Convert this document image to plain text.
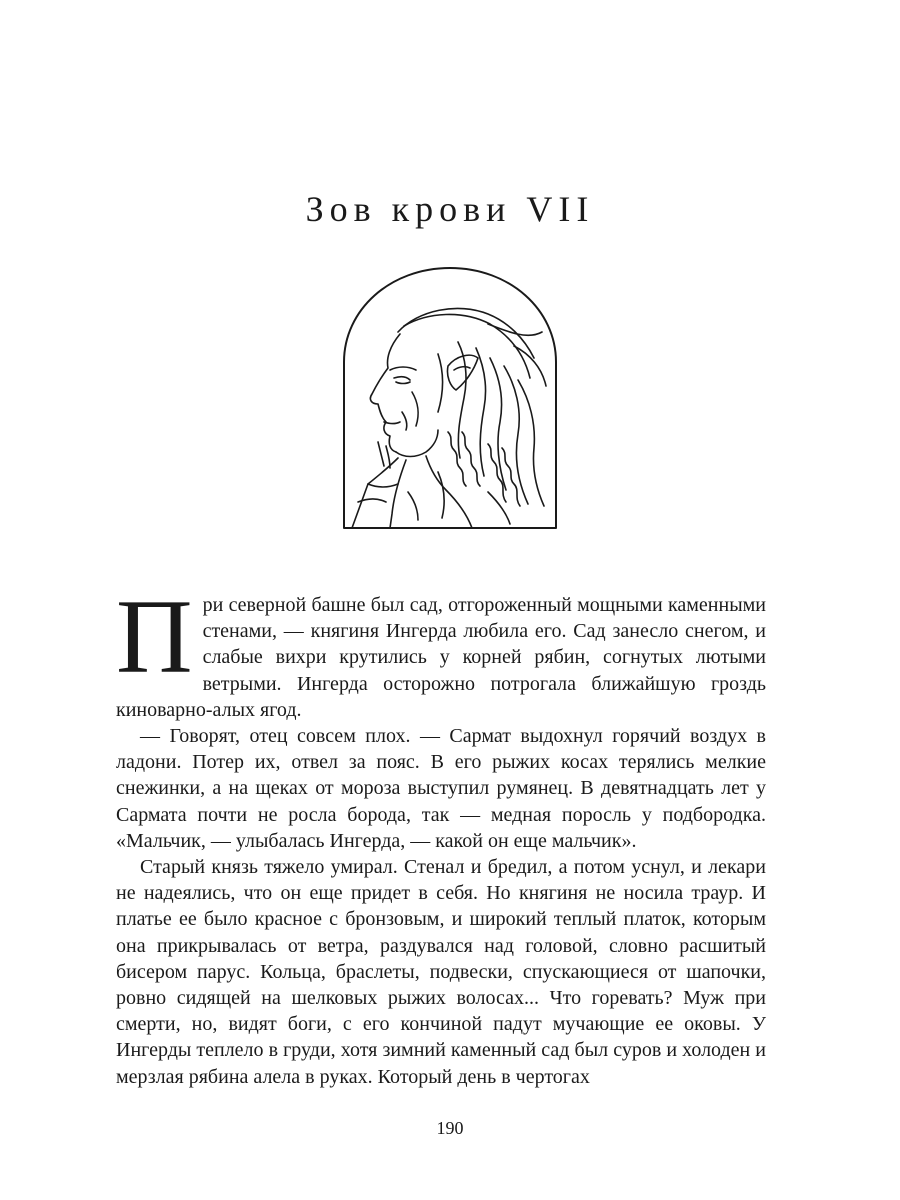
Зов крови VII

При северной башне был сад, отгороженный мощными каменными стенами, — княгиня Ингерда любила его. Сад занесло снегом, и слабые вихри крутились у корней рябин, согнутых лютыми ветрыми. Ингерда осторожно потрогала ближайшую гроздь киноварно-алых ягод.

— Говорят, отец совсем плох. — Сармат выдохнул горячий воздух в ладони. Потер их, отвел за пояс. В его рыжих косах терялись мелкие снежинки, а на щеках от мороза выступил румянец. В девятнадцать лет у Сармата почти не росла борода, так — медная поросль у подбородка. «Мальчик, — улыбалась Ингерда, — какой он еще мальчик».

Старый князь тяжело умирал. Стенал и бредил, а потом уснул, и лекари не надеялись, что он еще придет в себя. Но княгиня не носила траур. И платье ее было красное с бронзовым, и широкий теплый платок, которым она прикрывалась от ветра, раздувался над головой, словно расшитый бисером парус. Кольца, браслеты, подвески, спускающиеся от шапочки, ровно сидящей на шелковых рыжих волосах... Что горевать? Муж при смерти, но, видят боги, с его кончиной падут мучающие ее оковы. У Ингерды теплело в груди, хотя зимний каменный сад был суров и холоден и мерзлая рябина алела в руках. Который день в чертогах

190
